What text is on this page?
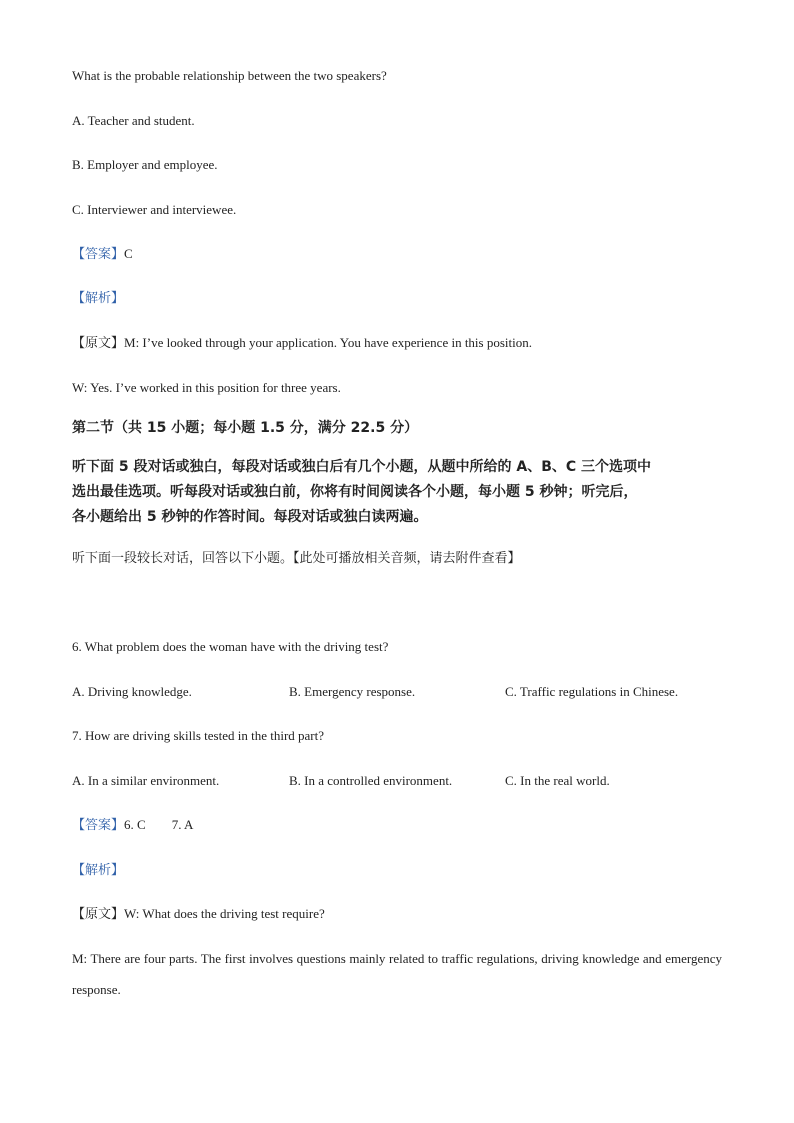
What is the probable relationship between the two speakers?
A. Teacher and student.
B. Employer and employee.
C. Interviewer and interviewee.
【答案】C
【解析】
【原文】M: I’ve looked through your application. You have experience in this position.
W: Yes. I’ve worked in this position for three years.
第二节（共 15 小题；每小题 1.5 分，满分 22.5 分）
听下面 5 段对话或独白，每段对话或独白后有几个小题，从题中所给的 A、B、C 三个选项中
选出最佳选项。听每段对话或独白前，你将有时间阅读各个小题，每小题 5 秒钟；听完后，
各小题给出 5 秒钟的作答时间。每段对话或独白读两遍。
听下面一段较长对话，回答以下小题。【此处可播放相关音频，请去附件查看】
6. What problem does the woman have with the driving test?
A. Driving knowledge.	B. Emergency response.	C. Traffic regulations in Chinese.
7. How are driving skills tested in the third part?
A. In a similar environment.	B. In a controlled environment.	C. In the real world.
【答案】6. C 7. A
【解析】
【原文】W: What does the driving test require?
M: There are four parts. The first involves questions mainly related to traffic regulations, driving knowledge and emergency response.
